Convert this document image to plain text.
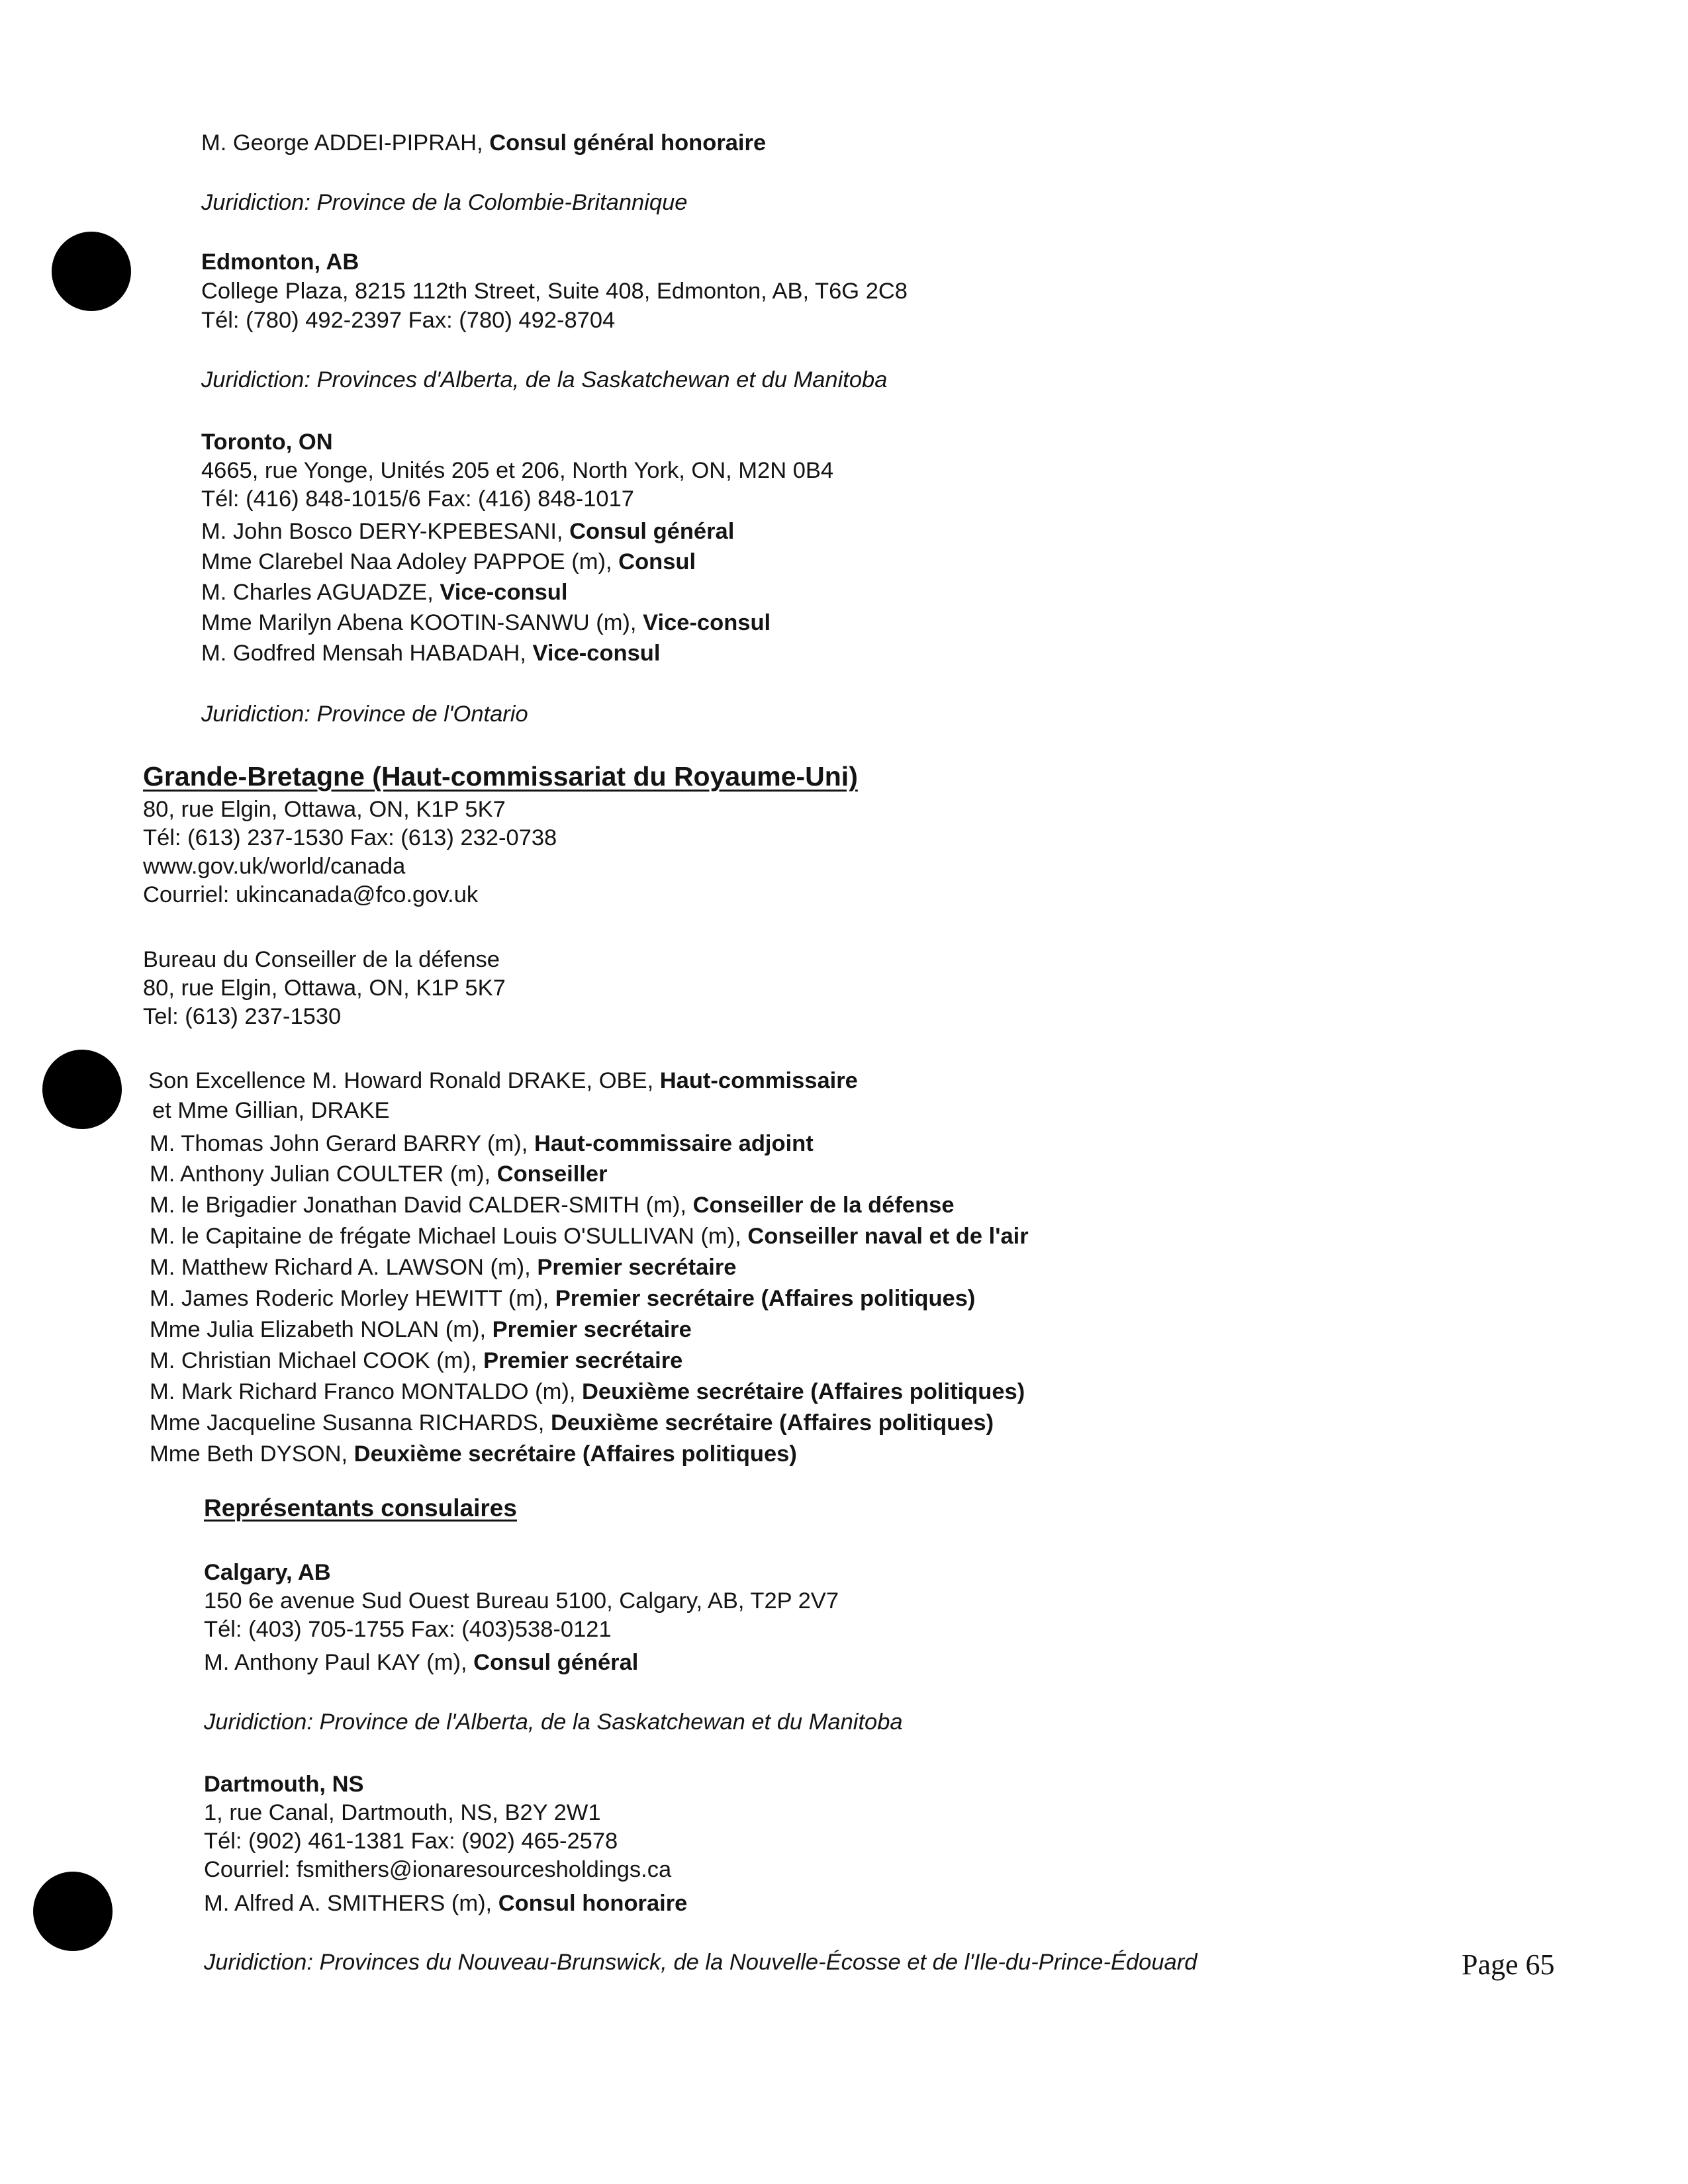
M. George ADDEI-PIPRAH, Consul général honoraire
Juridiction: Province de la Colombie-Britannique
Edmonton, AB
College Plaza, 8215 112th Street, Suite 408, Edmonton, AB, T6G 2C8
Tél: (780) 492-2397 Fax: (780) 492-8704
Juridiction: Provinces d'Alberta, de la Saskatchewan et du Manitoba
Toronto, ON
4665, rue Yonge, Unités 205 et 206, North York, ON, M2N 0B4
Tél: (416) 848-1015/6 Fax: (416) 848-1017
M. John Bosco DERY-KPEBESANI, Consul général
Mme Clarebel Naa Adoley PAPPOE (m), Consul
M. Charles AGUADZE, Vice-consul
Mme Marilyn Abena KOOTIN-SANWU (m), Vice-consul
M. Godfred Mensah HABADAH, Vice-consul
Juridiction: Province de l'Ontario
Grande-Bretagne (Haut-commissariat du Royaume-Uni)
80, rue Elgin, Ottawa, ON, K1P 5K7
Tél: (613) 237-1530 Fax: (613) 232-0738
www.gov.uk/world/canada
Courriel: ukincanada@fco.gov.uk
Bureau du Conseiller de la défense
80, rue Elgin, Ottawa, ON, K1P 5K7
Tel: (613) 237-1530
Son Excellence M. Howard Ronald DRAKE, OBE, Haut-commissaire
et Mme Gillian, DRAKE
M. Thomas John Gerard BARRY (m), Haut-commissaire adjoint
M. Anthony Julian COULTER (m), Conseiller
M. le Brigadier Jonathan David CALDER-SMITH (m), Conseiller de la défense
M. le Capitaine de frégate Michael Louis O'SULLIVAN (m), Conseiller naval et de l'air
M. Matthew Richard A. LAWSON (m), Premier secrétaire
M. James Roderic Morley HEWITT (m), Premier secrétaire (Affaires politiques)
Mme Julia Elizabeth NOLAN (m), Premier secrétaire
M. Christian Michael COOK (m), Premier secrétaire
M. Mark Richard Franco MONTALDO (m), Deuxième secrétaire (Affaires politiques)
Mme Jacqueline Susanna RICHARDS, Deuxième secrétaire (Affaires politiques)
Mme Beth DYSON, Deuxième secrétaire (Affaires politiques)
Représentants consulaires
Calgary, AB
150 6e avenue Sud Ouest Bureau 5100, Calgary, AB, T2P 2V7
Tél: (403) 705-1755 Fax: (403)538-0121
M. Anthony Paul KAY (m), Consul général
Juridiction: Province de l'Alberta, de la Saskatchewan et du Manitoba
Dartmouth, NS
1, rue Canal, Dartmouth, NS, B2Y 2W1
Tél: (902) 461-1381 Fax: (902) 465-2578
Courriel: fsmithers@ionaresourcesholdings.ca
M. Alfred A. SMITHERS (m), Consul honoraire
Juridiction: Provinces du Nouveau-Brunswick, de la Nouvelle-Écosse et de l'Ile-du-Prince-Édouard	Page 65
